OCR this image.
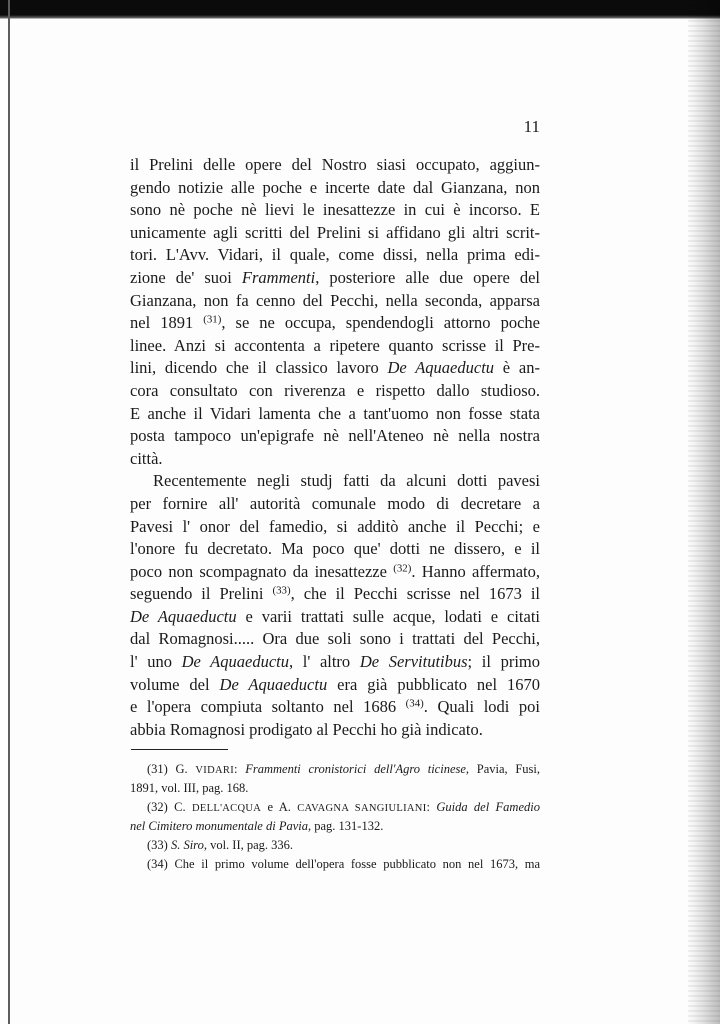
11
il Prelini delle opere del Nostro siasi occupato, aggiun-
gendo notizie alle poche e incerte date dal Gianzana, non
sono nè poche nè lievi le inesattezze in cui è incorso. E
unicamente agli scritti del Prelini si affidano gli altri scrit-
tori. L'Avv. Vidari, il quale, come dissi, nella prima edi-
zione de' suoi Frammenti, posteriore alle due opere del
Gianzana, non fa cenno del Pecchi, nella seconda, apparsa
nel 1891 $^{(31)}$, se ne occupa, spendendogli attorno poche
linee. Anzi si accontenta a ripetere quanto scrisse il Pre-
lini, dicendo che il classico lavoro De Aquaeductu è an-
cora consultato con riverenza e rispetto dallo studioso.
E anche il Vidari lamenta che a tant'uomo non fosse stata
posta tampoco un'epigrafe nè nell'Ateneo nè nella nostra
città.
Recentemente negli studj fatti da alcuni dotti pavesi
per fornire all' autorità comunale modo di decretare a
Pavesi l' onor del famedio, si additò anche il Pecchi; e
l'onore fu decretato. Ma poco que' dotti ne dissero, e il
poco non scompagnato da inesattezze $^{(32)}$. Hanno affermato,
seguendo il Prelini $^{(33)}$, che il Pecchi scrisse nel 1673 il
De Aquaeductu e varii trattati sulle acque, lodati e citati
dal Romagnosi..... Ora due soli sono i trattati del Pecchi,
l' uno De Aquaeductu, l' altro De Servitutibus; il primo
volume del De Aquaeductu era già pubblicato nel 1670
e l'opera compiuta soltanto nel 1686 $^{(34)}$. Quali lodi poi
abbia Romagnosi prodigato al Pecchi ho già indicato.
(31) G. VIDARI: Frammenti cronistorici dell'Agro ticinese, Pavia, Fusi,
1891, vol. III, pag. 168.
(32) C. DELL'ACQUA e A. CAVAGNA SANGIULIANI: Guida del Famedio
nel Cimitero monumentale di Pavia, pag. 131-132.
(33) S. Siro, vol. II, pag. 336.
(34) Che il primo volume dell'opera fosse pubblicato non nel 1673, ma
